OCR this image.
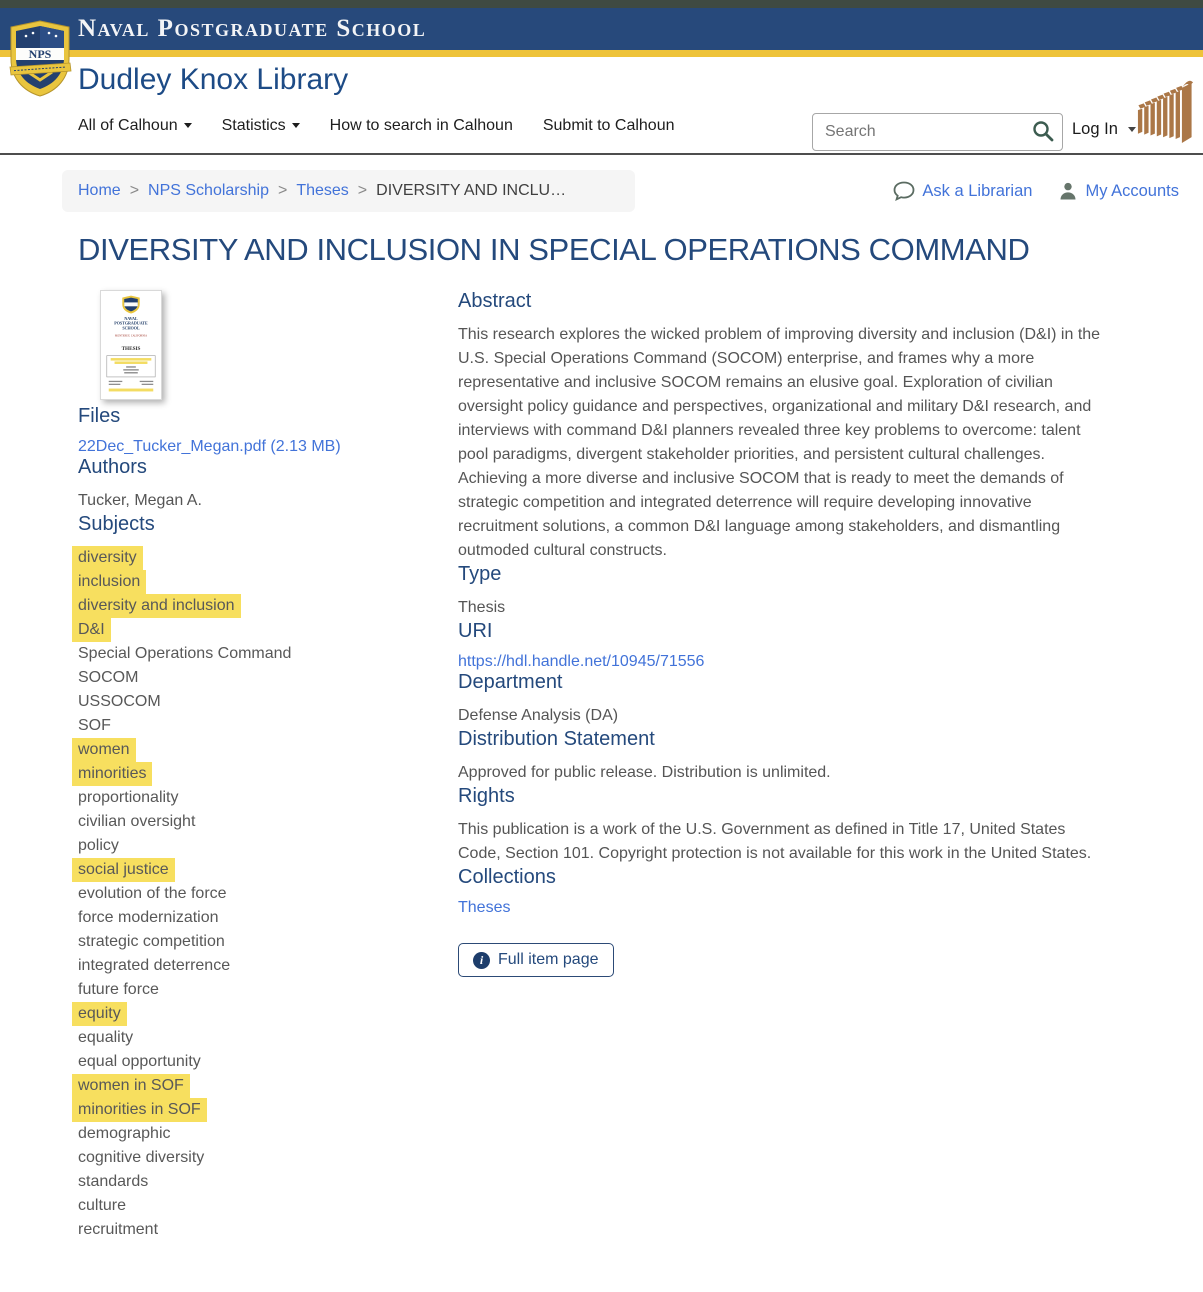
NPS
Naval Postgraduate School
Dudley Knox Library
All of Calhoun	Statistics	How to search in Calhoun Submit to Calhoun
Search	Log In
Home > NPS Scholarship > Theses > DIVERSITY AND INCLU…	Ask a Librarian	My Accounts
DIVERSITY AND INCLUSION IN SPECIAL OPERATIONS COMMAND
NAVAL
POSTGRADUATE
SCHOOL
MONTEREY, CALIFORNIA
THESIS
Files
22Dec_Tucker_Megan.pdf (2.13 MB)
Authors
Tucker, Megan A.
Subjects
diversity
inclusion
diversity and inclusion
D&I
Special Operations Command
SOCOM
USSOCOM
SOF
women
minorities
proportionality
civilian oversight
policy
social justice
evolution of the force
force modernization
strategic competition
integrated deterrence
future force
equity
equality
equal opportunity
women in SOF
minorities in SOF
demographic
cognitive diversity
standards
culture
recruitment
Abstract

This research explores the wicked problem of improving diversity and inclusion (D&I) in the U.S. Special Operations Command (SOCOM) enterprise, and frames why a more representative and inclusive SOCOM remains an elusive goal. Exploration of civilian oversight policy guidance and perspectives, organizational and military D&I research, and interviews with command D&I planners revealed three key problems to overcome: talent pool paradigms, divergent stakeholder priorities, and persistent cultural challenges. Achieving a more diverse and inclusive SOCOM that is ready to meet the demands of strategic competition and integrated deterrence will require developing innovative recruitment solutions, a common D&I language among stakeholders, and dismantling outmoded cultural constructs.

Type
Thesis
URI
https://hdl.handle.net/10945/71556
Department
Defense Analysis (DA)
Distribution Statement
Approved for public release. Distribution is unlimited.
Rights

This publication is a work of the U.S. Government as defined in Title 17, United States Code, Section 101. Copyright protection is not available for this work in the United States.

Collections
Theses

i Full item page
